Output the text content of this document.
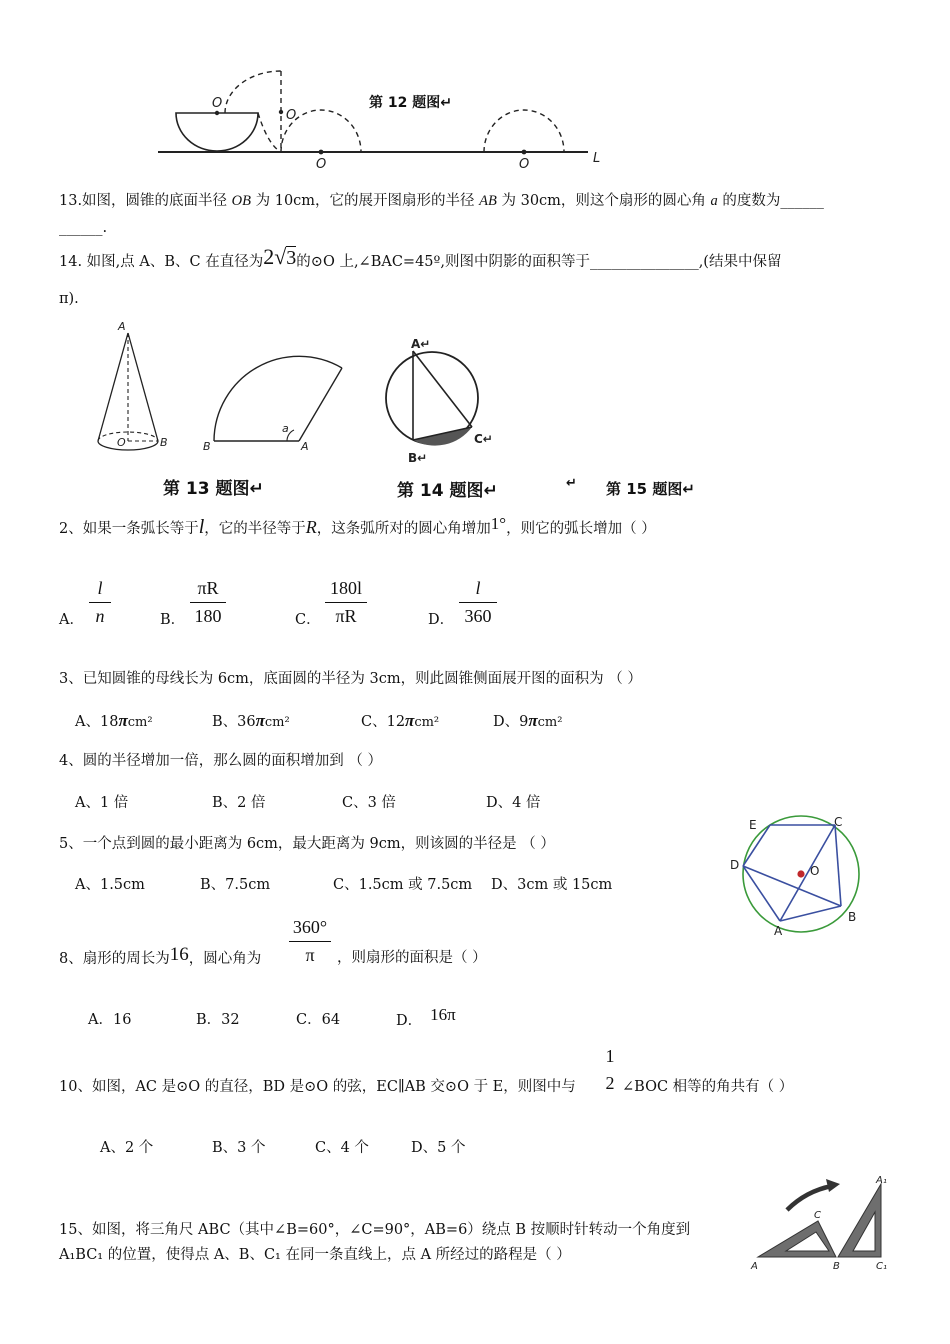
O
O
O	O	L
第 12 题图↵
13.如图，圆锥的底面半径 OB 为 10cm，它的展开图扇形的半径 AB 为 30cm，则这个扇形的圆心角 a 的度数为______
______.
14. 如图,点 A、B、C 在直径为2√3的⊙O 上,∠BAC=45º,则图中阴影的面积等于_______________,(结果中保留
π).
A
O	B
a
B	A
A↵
B↵
C↵
第 13 题图↵	第 14 题图↵	↵ 第 15 题图↵
2、如果一条弧长等于l，它的半径等于R，这条弧所对的圆心角增加1°，则它的弧长增加（ ）
A． $\frac{l}{n}$	B． $\frac{\pi R}{180}$	C． $\frac{180l}{\pi R}$	D． $\frac{l}{360}$
3、已知圆锥的母线长为 6cm，底面圆的半径为 3cm，则此圆锥侧面展开图的面积为 （ ）
A、18πcm²	B、36πcm²	C、12πcm²	D、9πcm²
4、圆的半径增加一倍，那么圆的面积增加到 （ ）
A、1 倍	B、2 倍	C、3 倍	D、4 倍
5、一个点到圆的最小距离为 6cm，最大距离为 9cm，则该圆的半径是 （ ）
A、1.5cm	B、7.5cm	C、1.5cm 或 7.5cm D、3cm 或 15cm
E	C
D	O
A
B
8、扇形的周长为16，圆心角为 $\frac{360^\circ}{\pi}$ ，则扇形的面积是（ ）
A．16	B．32	C．64	D． 16π
10、如图，AC 是⊙O 的直径，BD 是⊙O 的弦，EC∥AB 交⊙O 于 E，则图中与
1
2 ∠BOC 相等的角共有（ ）
A、2 个	B、3 个	C、4 个	D、5 个
15、如图，将三角尺 ABC（其中∠B=60°，∠C=90°，AB=6）绕点 B 按顺时针转动一个角度到
A₁BC₁ 的位置，使得点 A、B、C₁ 在同一条直线上，点 A 所经过的路程是（ ）
A	B
C
C₁
A₁
